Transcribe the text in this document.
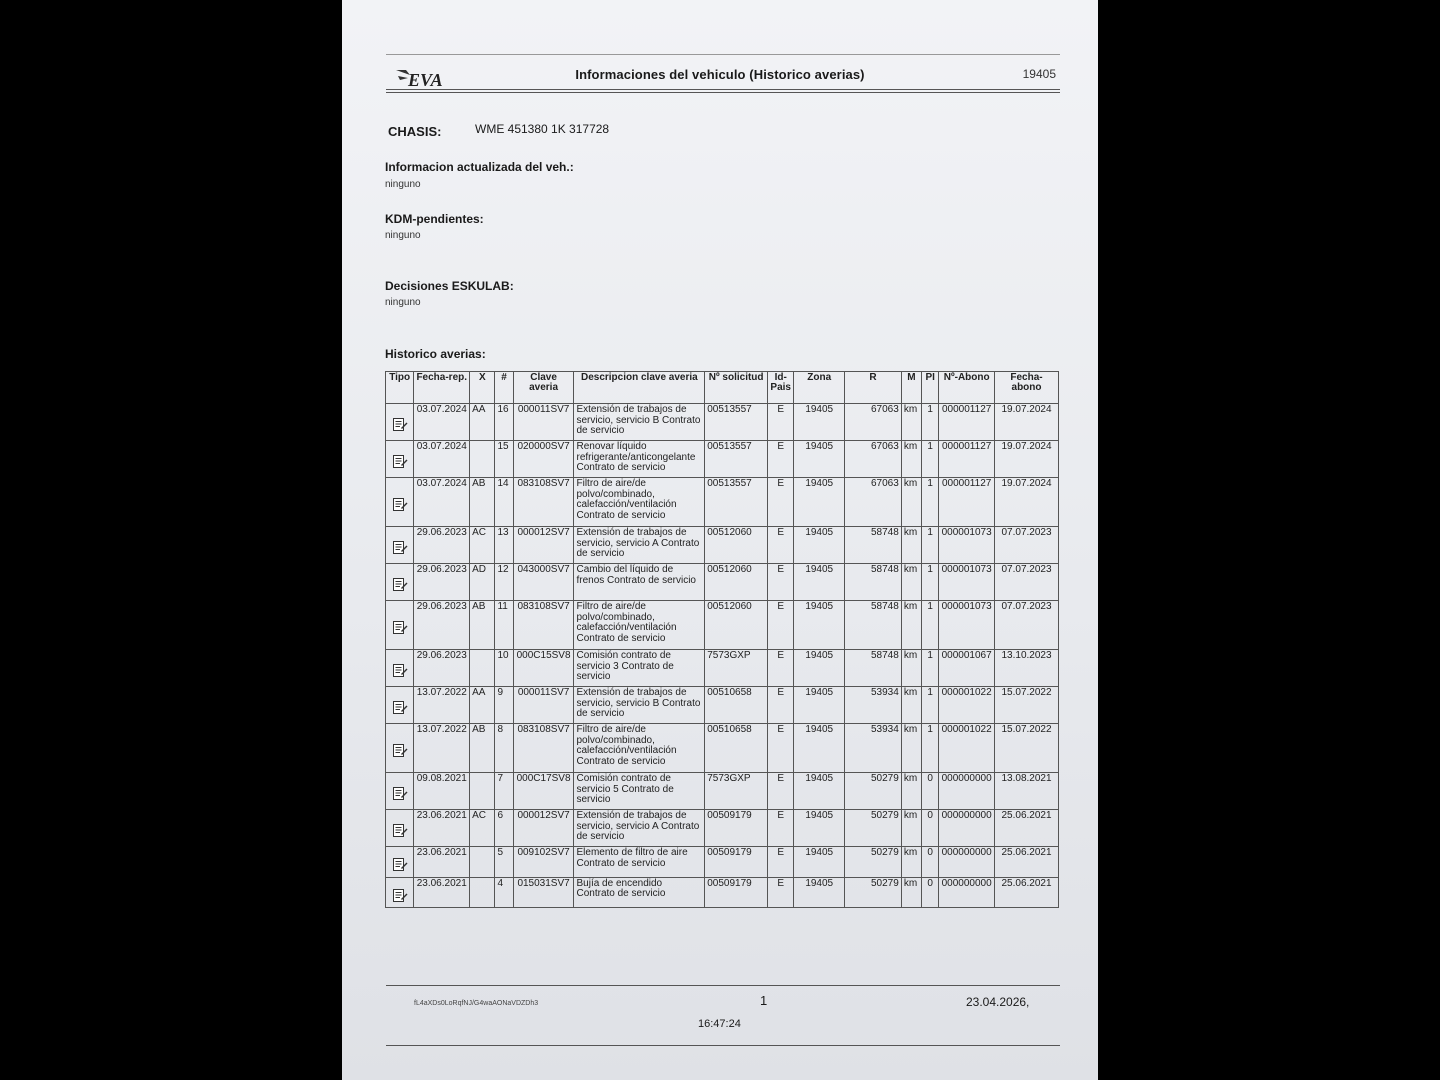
EVA	Informaciones del vehiculo (Historico averias)	19405
CHASIS:	WME 451380 1K 317728
Informacion actualizada del veh.:
ninguno
KDM-pendientes:
ninguno
Decisiones ESKULAB:
ninguno
Historico averias:
Tipo	Fecha-rep.	X	#	Clave averia	Descripcion clave averia	Nº solicitud	Id-Pais	Zona	R	M	PI	Nº-Abono	Fecha-abono
	03.07.2024	AA	16	000011SV7	Extensión de trabajos de servicio, servicio B Contrato de servicio	00513557	E	19405	67063	km	1	000001127	19.07.2024
	03.07.2024		15	020000SV7	Renovar líquido refrigerante/anticongelante Contrato de servicio	00513557	E	19405	67063	km	1	000001127	19.07.2024
	03.07.2024	AB	14	083108SV7	Filtro de aire/de polvo/combinado, calefacción/ventilación Contrato de servicio	00513557	E	19405	67063	km	1	000001127	19.07.2024
	29.06.2023	AC	13	000012SV7	Extensión de trabajos de servicio, servicio A Contrato de servicio	00512060	E	19405	58748	km	1	000001073	07.07.2023
	29.06.2023	AD	12	043000SV7	Cambio del líquido de frenos Contrato de servicio	00512060	E	19405	58748	km	1	000001073	07.07.2023
	29.06.2023	AB	11	083108SV7	Filtro de aire/de polvo/combinado, calefacción/ventilación Contrato de servicio	00512060	E	19405	58748	km	1	000001073	07.07.2023
	29.06.2023		10	000C15SV8	Comisión contrato de servicio 3 Contrato de servicio	7573GXP	E	19405	58748	km	1	000001067	13.10.2023
	13.07.2022	AA	9	000011SV7	Extensión de trabajos de servicio, servicio B Contrato de servicio	00510658	E	19405	53934	km	1	000001022	15.07.2022
	13.07.2022	AB	8	083108SV7	Filtro de aire/de polvo/combinado, calefacción/ventilación Contrato de servicio	00510658	E	19405	53934	km	1	000001022	15.07.2022
	09.08.2021		7	000C17SV8	Comisión contrato de servicio 5 Contrato de servicio	7573GXP	E	19405	50279	km	0	000000000	13.08.2021
	23.06.2021	AC	6	000012SV7	Extensión de trabajos de servicio, servicio A Contrato de servicio	00509179	E	19405	50279	km	0	000000000	25.06.2021
	23.06.2021		5	009102SV7	Elemento de filtro de aire Contrato de servicio	00509179	E	19405	50279	km	0	000000000	25.06.2021
	23.06.2021		4	015031SV7	Bujía de encendido Contrato de servicio	00509179	E	19405	50279	km	0	000000000	25.06.2021
fL4aXDs0LoRqfNJ/G4waAONaVDZDh3	1	23.04.2026,
16:47:24
